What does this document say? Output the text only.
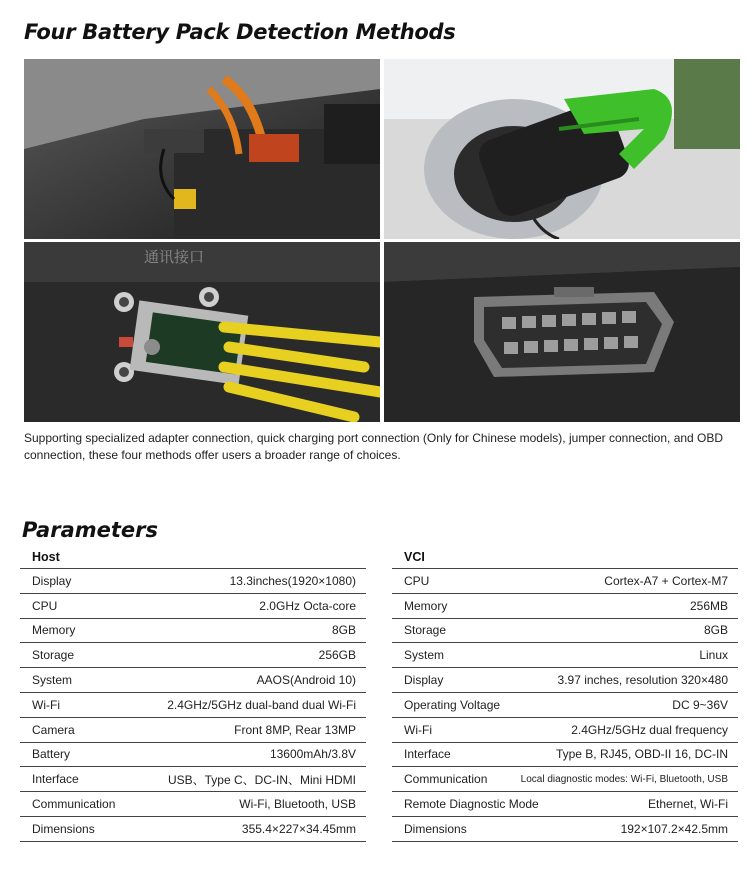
Four Battery Pack Detection Methods
通讯接口
Supporting specialized adapter connection, quick charging port connection (Only for Chinese models), jumper connection, and OBD connection, these four methods offer users a broader range of choices.
Parameters
Host
Display	13.3inches(1920×1080)
CPU	2.0GHz Octa-core
Memory	8GB
Storage	256GB
System	AAOS(Android 10)
Wi-Fi	2.4GHz/5GHz dual-band dual Wi-Fi
Camera	Front 8MP, Rear 13MP
Battery	13600mAh/3.8V
Interface	USB、Type C、DC-IN、Mini HDMI
Communication	Wi-Fi, Bluetooth, USB
Dimensions	355.4×227×34.45mm
VCI
CPU	Cortex-A7 + Cortex-M7
Memory	256MB
Storage	8GB
System	Linux
Display	3.97 inches, resolution 320×480
Operating Voltage	DC 9~36V
Wi-Fi	2.4GHz/5GHz dual frequency
Interface	Type B, RJ45, OBD-II 16, DC-IN
Communication	Local diagnostic modes: Wi-Fi, Bluetooth, USB
Remote Diagnostic Mode	Ethernet, Wi-Fi
Dimensions	192×107.2×42.5mm
